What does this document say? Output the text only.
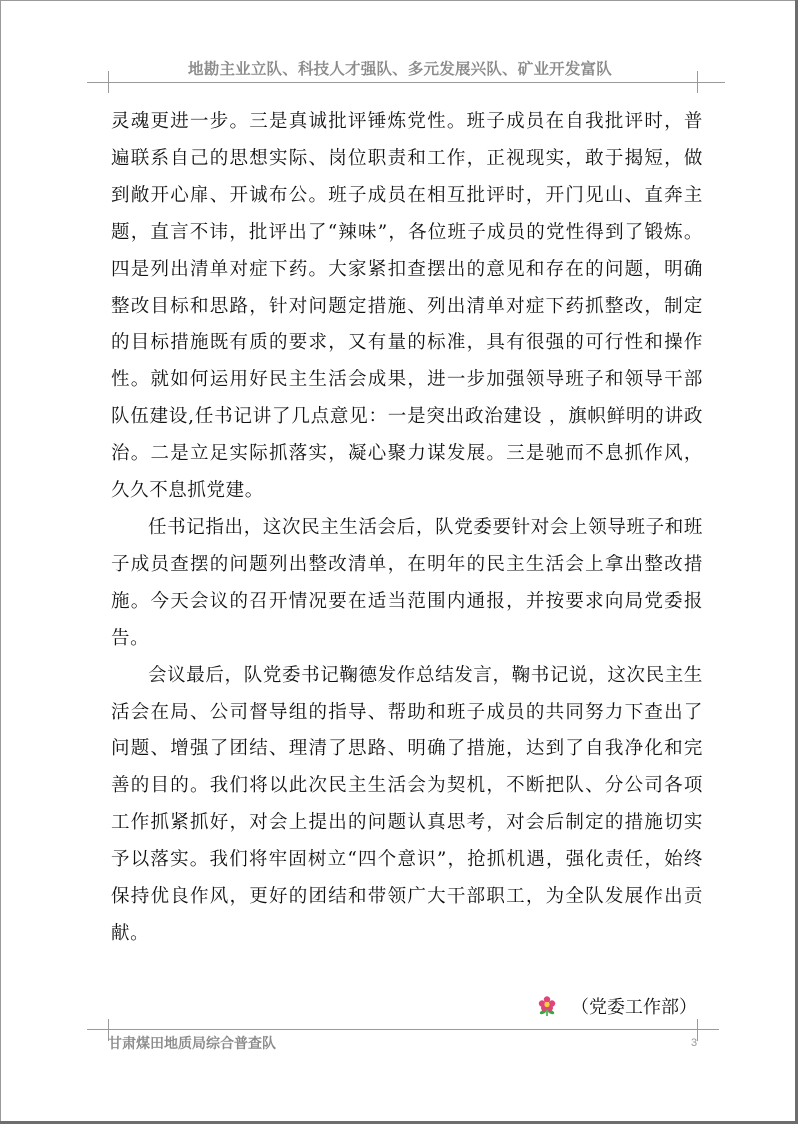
地勘主业立队、科技人才强队、多元发展兴队、矿业开发富队

灵魂更进一步。三是真诚批评锤炼党性。班子成员在自我批评时，普遍联系自己的思想实际、岗位职责和工作，正视现实，敢于揭短，做到敞开心扉、开诚布公。班子成员在相互批评时，开门见山、直奔主题，直言不讳，批评出了“辣味”，各位班子成员的党性得到了锻炼。四是列出清单对症下药。大家紧扣查摆出的意见和存在的问题，明确整改目标和思路，针对问题定措施、列出清单对症下药抓整改，制定的目标措施既有质的要求，又有量的标准，具有很强的可行性和操作性。就如何运用好民主生活会成果，进一步加强领导班子和领导干部队伍建设,任书记讲了几点意见：一是突出政治建设 ，旗帜鲜明的讲政治。二是立足实际抓落实，凝心聚力谋发展。三是驰而不息抓作风，久久不息抓党建。

任书记指出，这次民主生活会后，队党委要针对会上领导班子和班子成员查摆的问题列出整改清单，在明年的民主生活会上拿出整改措施。今天会议的召开情况要在适当范围内通报，并按要求向局党委报告。

会议最后，队党委书记鞠德发作总结发言，鞠书记说，这次民主生活会在局、公司督导组的指导、帮助和班子成员的共同努力下查出了问题、增强了团结、理清了思路、明确了措施，达到了自我净化和完善的目的。我们将以此次民主生活会为契机，不断把队、分公司各项工作抓紧抓好，对会上提出的问题认真思考，对会后制定的措施切实予以落实。我们将牢固树立“四个意识”，抢抓机遇，强化责任，始终保持优良作风，更好的团结和带领广大干部职工，为全队发展作出贡献。

（党委工作部）
甘肃煤田地质局综合普查队	3
